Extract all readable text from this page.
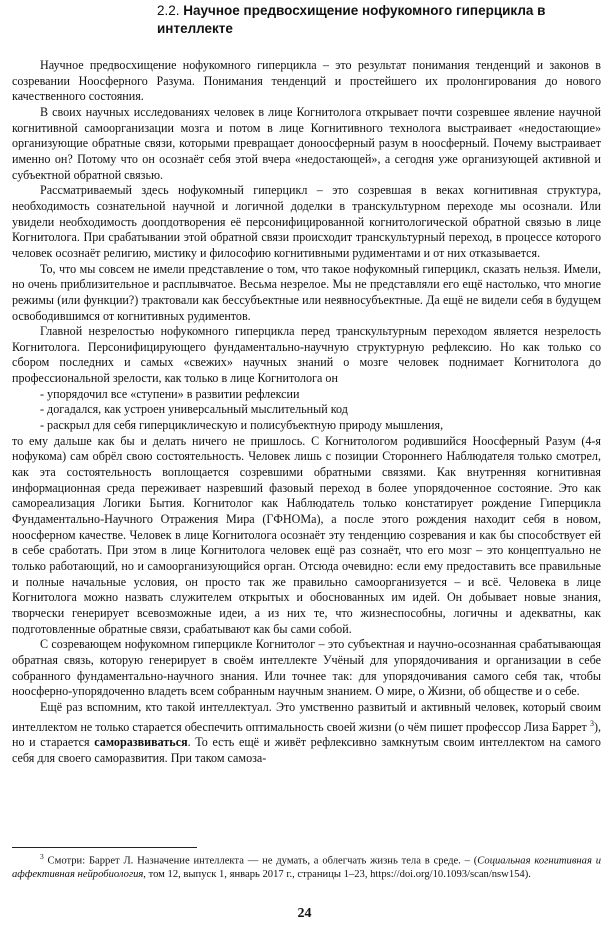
2.2. Научное предвосхищение нофукомного гиперцикла в интеллекте

Научное предвосхищение нофукомного гиперцикла – это результат понимания тенденций и законов в созревании Ноосферного Разума. Понимания тенденций и простейшего их пролонгирования до нового качественного состояния.

В своих научных исследованиях человек в лице Когнитолога открывает почти созревшее явление научной когнитивной самоорганизации мозга и потом в лице Когнитивного технолога выстраивает «недостающие» организующие обратные связи, которыми превращает доноосферный разум в ноосферный. Почему выстраивает именно он? Потому что он осознаёт себя этой вчера «недостающей», а сегодня уже организующей активной и субъектной обратной связью.

Рассматриваемый здесь нофукомный гиперцикл – это созревшая в веках когнитивная структура, необходимость сознательной научной и логичной доделки в транскультурном переходе мы осознали. Или увидели необходимость доопдотворения её персонифицированной когнитологической обратной связью в лице Когнитолога. При срабатывании этой обратной связи происходит транскультурный переход, в процессе которого человек осознаёт религию, мистику и философию когнитивными рудиментами и от них отказывается.

То, что мы совсем не имели представление о том, что такое нофукомный гиперцикл, сказать нельзя. Имели, но очень приблизительное и расплывчатое. Весьма незрелое. Мы не представляли его ещё настолько, что многие режимы (или функции?) трактовали как бессубъектные или неявносубъектные. Да ещё не видели себя в будущем освободившимся от когнитивных рудиментов.

Главной незрелостью нофукомного гиперцикла перед транскультурным переходом является незрелость Когнитолога. Персонифицирующего фундаментально-научную структурную рефлексию. Но как только со сбором последних и самых «свежих» научных знаний о мозге человек поднимает Когнитолога до профессиональной зрелости, как только в лице Когнитолога он

- упорядочил все «ступени» в развитии рефлексии
- догадался, как устроен универсальный мыслительный код
- раскрыл для себя гиперциклическую и полисубъектную природу мышления,

то ему дальше как бы и делать ничего не пришлось. С Когнитологом родившийся Ноосферный Разум (4-я нофукома) сам обрёл свою состоятельность. Человек лишь с позиции Стороннего Наблюдателя только смотрел, как эта состоятельность воплощается созревшими обратными связями. Как внутренняя когнитивная информационная среда переживает назревший фазовый переход в более упорядоченное состояние. Это как самореализация Логики Бытия. Когнитолог как Наблюдатель только констатирует рождение Гиперцикла Фундаментально-Научного Отражения Мира (ГФНОМа), а после этого рождения находит себя в новом, ноосферном качестве. Человек в лице Когнитолога осознаёт эту тенденцию созревания и как бы способствует ей в себе сработать. При этом в лице Когнитолога человек ещё раз сознаёт, что его мозг – это концептуально не только работающий, но и самоорганизующийся орган. Отсюда очевидно: если ему предоставить все правильные и полные начальные условия, он просто так же правильно самоорганизуется – и всё. Человека в лице Когнитолога можно назвать служителем открытых и обоснованных им идей. Он добывает новые знания, творчески генерирует всевозможные идеи, а из них те, что жизнеспособны, логичны и адекватны, как подготовленные обратные связи, срабатывают как бы сами собой.

С созревающем нофукомном гиперцикле Когнитолог – это субъектная и научно-осознанная срабатывающая обратная связь, которую генерирует в своём интеллекте Учёный для упорядочивания и организации в себе собранного фундаментально-научного знания. Или точнее так: для упорядочивания самого себя так, чтобы ноосферно-упорядоченно владеть всем собранным научным знанием. О мире, о Жизни, об обществе и о себе.

Ещё раз вспомним, кто такой интеллектуал. Это умственно развитый и активный человек, который своим интеллектом не только старается обеспечить оптимальность своей жизни (о чём пишет профессор Лиза Баррет $^3$), но и старается саморазвиваться. То есть ещё и живёт рефлексивно замкнутым своим интеллектом на самого себя для своего саморазвития. При таком самоза-

$^3$ Смотри: Баррет Л. Назначение интеллекта — не думать, а облегчать жизнь тела в среде. – (Социальная когнитивная и аффективная нейробиология, том 12, выпуск 1, январь 2017 г., страницы 1–23, https://doi.org/10.1093/scan/nsw154).
24
